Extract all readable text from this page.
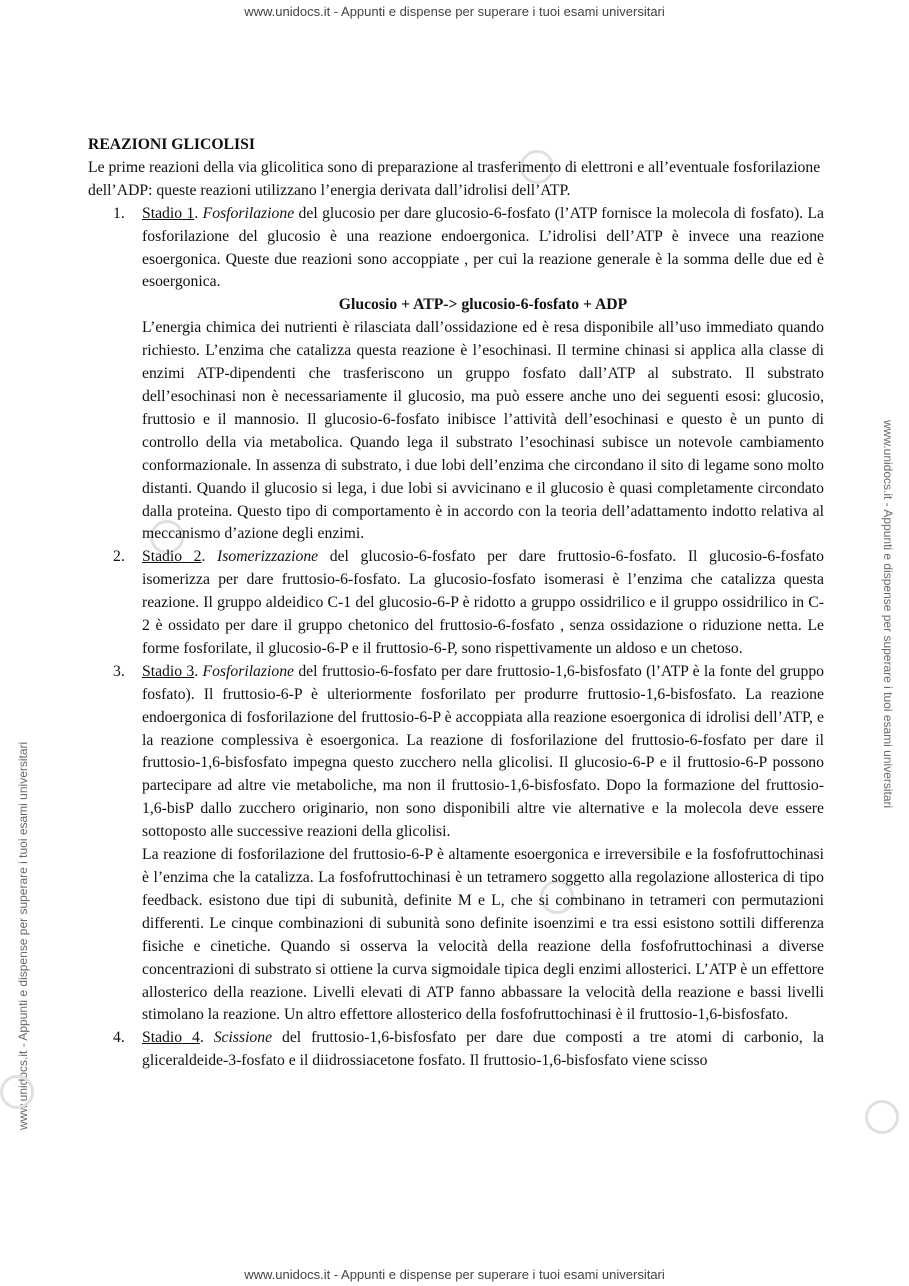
www.unidocs.it - Appunti e dispense per superare i tuoi esami universitari
www.unidocs.it - Appunti e dispense per superare i tuoi esami universitari
www.unidocs.it - Appunti e dispense per superare i tuoi esami universitari

REAZIONI GLICOLISI

Le prime reazioni della via glicolitica sono di preparazione al trasferimento di elettroni e all’eventuale fosforilazione dell’ADP: queste reazioni utilizzano l’energia derivata dall’idrolisi dell’ATP.

1. Stadio 1. Fosforilazione del glucosio per dare glucosio-6-fosfato (l’ATP fornisce la molecola di fosfato). La fosforilazione del glucosio è una reazione endoergonica. L’idrolisi dell’ATP è invece una reazione esoergonica. Queste due reazioni sono accoppiate , per cui la reazione generale è la somma delle due ed è esoergonica.

Glucosio + ATP-> glucosio-6-fosfato + ADP

L’energia chimica dei nutrienti è rilasciata dall’ossidazione ed è resa disponibile all’uso immediato quando richiesto. L’enzima che catalizza questa reazione è l’esochinasi. Il termine chinasi si applica alla classe di enzimi ATP-dipendenti che trasferiscono un gruppo fosfato dall’ATP al substrato. Il substrato dell’esochinasi non è necessariamente il glucosio, ma può essere anche uno dei seguenti esosi: glucosio, fruttosio e il mannosio. Il glucosio-6-fosfato inibisce l’attività dell’esochinasi e questo è un punto di controllo della via metabolica. Quando lega il substrato l’esochinasi subisce un notevole cambiamento conformazionale. In assenza di substrato, i due lobi dell’enzima che circondano il sito di legame sono molto distanti. Quando il glucosio si lega, i due lobi si avvicinano e il glucosio è quasi completamente circondato dalla proteina. Questo tipo di comportamento è in accordo con la teoria dell’adattamento indotto relativa al meccanismo d’azione degli enzimi.

2. Stadio 2. Isomerizzazione del glucosio-6-fosfato per dare fruttosio-6-fosfato. Il glucosio-6-fosfato isomerizza per dare fruttosio-6-fosfato. La glucosio-fosfato isomerasi è l’enzima che catalizza questa reazione. Il gruppo aldeidico C-1 del glucosio-6-P è ridotto a gruppo ossidrilico e il gruppo ossidrilico in C-2 è ossidato per dare il gruppo chetonico del fruttosio-6-fosfato , senza ossidazione o riduzione netta. Le forme fosforilate, il glucosio-6-P e il fruttosio-6-P, sono rispettivamente un aldoso e un chetoso.

3. Stadio 3. Fosforilazione del fruttosio-6-fosfato per dare fruttosio-1,6-bisfosfato (l’ATP è la fonte del gruppo fosfato). Il fruttosio-6-P è ulteriormente fosforilato per produrre fruttosio-1,6-bisfosfato. La reazione endoergonica di fosforilazione del fruttosio-6-P è accoppiata alla reazione esoergonica di idrolisi dell’ATP, e la reazione complessiva è esoergonica. La reazione di fosforilazione del fruttosio-6-fosfato per dare il fruttosio-1,6-bisfosfato impegna questo zucchero nella glicolisi. Il glucosio-6-P e il fruttosio-6-P possono partecipare ad altre vie metaboliche, ma non il fruttosio-1,6-bisfosfato. Dopo la formazione del fruttosio-1,6-bisP dallo zucchero originario, non sono disponibili altre vie alternative e la molecola deve essere sottoposto alle successive reazioni della glicolisi.

La reazione di fosforilazione del fruttosio-6-P è altamente esoergonica e irreversibile e la fosfofruttochinasi è l’enzima che la catalizza. La fosfofruttochinasi è un tetramero soggetto alla regolazione allosterica di tipo feedback. esistono due tipi di subunità, definite M e L, che si combinano in tetrameri con permutazioni differenti. Le cinque combinazioni di subunità sono definite isoenzimi e tra essi esistono sottili differenza fisiche e cinetiche. Quando si osserva la velocità della reazione della fosfofruttochinasi a diverse concentrazioni di substrato si ottiene la curva sigmoidale tipica degli enzimi allosterici. L’ATP è un effettore allosterico della reazione. Livelli elevati di ATP fanno abbassare la velocità della reazione e bassi livelli stimolano la reazione. Un altro effettore allosterico della fosfofruttochinasi è il fruttosio-1,6-bisfosfato.

4. Stadio 4. Scissione del fruttosio-1,6-bisfosfato per dare due composti a tre atomi di carbonio, la gliceraldeide-3-fosfato e il diidrossiacetone fosfato. Il fruttosio-1,6-bisfosfato viene scisso

www.unidocs.it - Appunti e dispense per superare i tuoi esami universitari
